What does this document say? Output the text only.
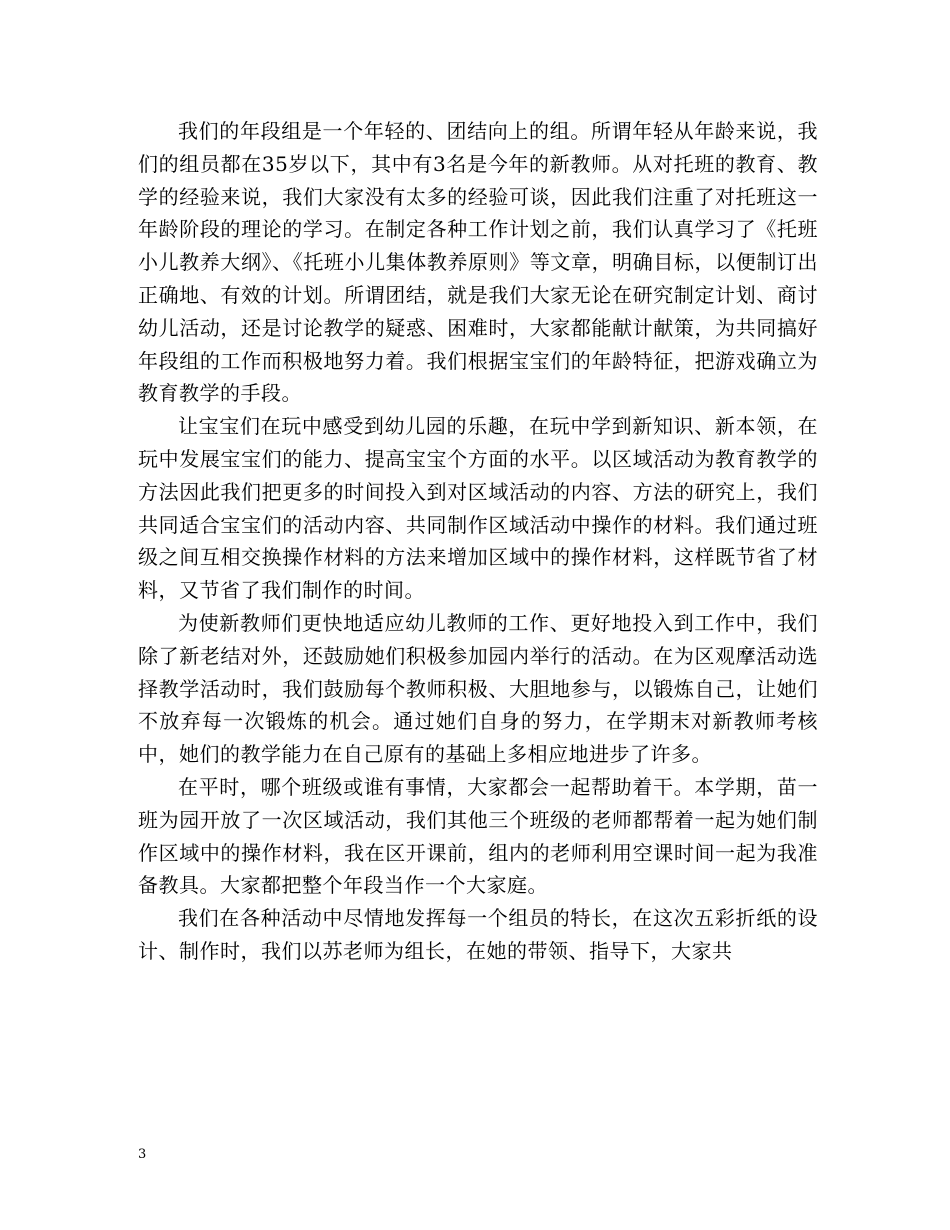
我们的年段组是一个年轻的、团结向上的组。所谓年轻从年龄来说，我们的组员都在35岁以下，其中有3名是今年的新教师。从对托班的教育、教学的经验来说，我们大家没有太多的经验可谈，因此我们注重了对托班这一年龄阶段的理论的学习。在制定各种工作计划之前，我们认真学习了《托班小儿教养大纲》、《托班小儿集体教养原则》等文章，明确目标，以便制订出正确地、有效的计划。所谓团结，就是我们大家无论在研究制定计划、商讨幼儿活动，还是讨论教学的疑惑、困难时，大家都能献计献策，为共同搞好年段组的工作而积极地努力着。我们根据宝宝们的年龄特征，把游戏确立为教育教学的手段。

让宝宝们在玩中感受到幼儿园的乐趣，在玩中学到新知识、新本领，在玩中发展宝宝们的能力、提高宝宝个方面的水平。以区域活动为教育教学的方法因此我们把更多的时间投入到对区域活动的内容、方法的研究上，我们共同适合宝宝们的活动内容、共同制作区域活动中操作的材料。我们通过班级之间互相交换操作材料的方法来增加区域中的操作材料，这样既节省了材料，又节省了我们制作的时间。

为使新教师们更快地适应幼儿教师的工作、更好地投入到工作中，我们除了新老结对外，还鼓励她们积极参加园内举行的活动。在为区观摩活动选择教学活动时，我们鼓励每个教师积极、大胆地参与，以锻炼自己，让她们不放弃每一次锻炼的机会。通过她们自身的努力，在学期末对新教师考核中，她们的教学能力在自己原有的基础上多相应地进步了许多。

在平时，哪个班级或谁有事情，大家都会一起帮助着干。本学期，苗一班为园开放了一次区域活动，我们其他三个班级的老师都帮着一起为她们制作区域中的操作材料，我在区开课前，组内的老师利用空课时间一起为我准备教具。大家都把整个年段当作一个大家庭。

我们在各种活动中尽情地发挥每一个组员的特长，在这次五彩折纸的设计、制作时，我们以苏老师为组长，在她的带领、指导下，大家共

3
